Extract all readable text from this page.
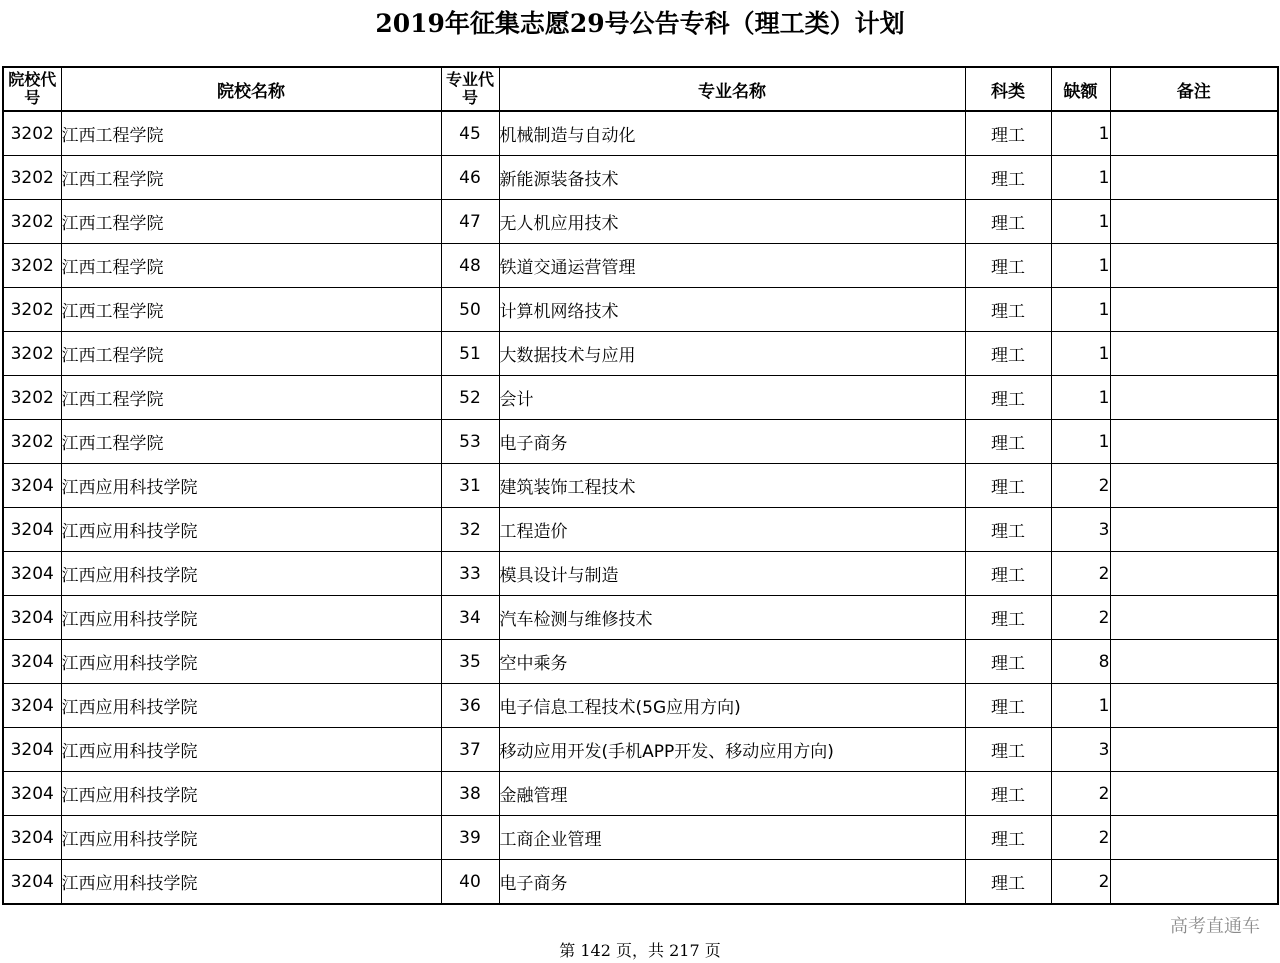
2019年征集志愿29号公告专科（理工类）计划
院校代号	院校名称	专业代号	专业名称	科类	缺额	备注
3202	江西工程学院	45	机械制造与自动化	理工	1	
3202	江西工程学院	46	新能源装备技术	理工	1	
3202	江西工程学院	47	无人机应用技术	理工	1	
3202	江西工程学院	48	铁道交通运营管理	理工	1	
3202	江西工程学院	50	计算机网络技术	理工	1	
3202	江西工程学院	51	大数据技术与应用	理工	1	
3202	江西工程学院	52	会计	理工	1	
3202	江西工程学院	53	电子商务	理工	1	
3204	江西应用科技学院	31	建筑装饰工程技术	理工	2	
3204	江西应用科技学院	32	工程造价	理工	3	
3204	江西应用科技学院	33	模具设计与制造	理工	2	
3204	江西应用科技学院	34	汽车检测与维修技术	理工	2	
3204	江西应用科技学院	35	空中乘务	理工	8	
3204	江西应用科技学院	36	电子信息工程技术(5G应用方向)	理工	1	
3204	江西应用科技学院	37	移动应用开发(手机APP开发、移动应用方向)	理工	3	
3204	江西应用科技学院	38	金融管理	理工	2	
3204	江西应用科技学院	39	工商企业管理	理工	2	
3204	江西应用科技学院	40	电子商务	理工	2	
高考直通车
第 142 页，共 217 页
